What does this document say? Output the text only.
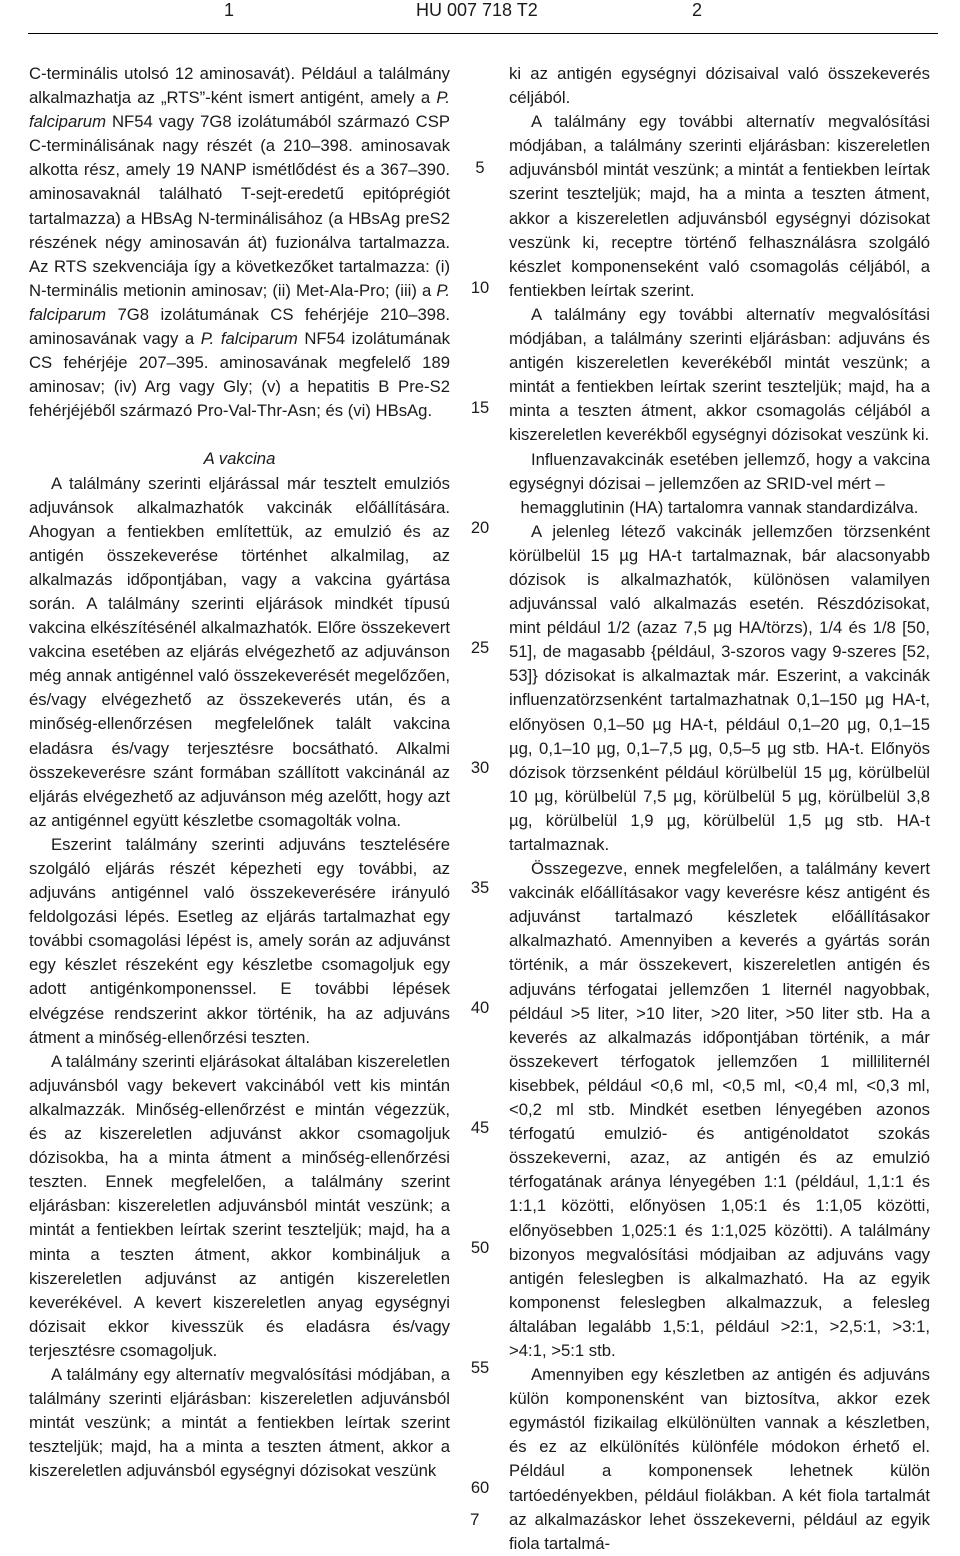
1	HU 007 718 T2	2

C-terminális utolsó 12 aminosavát). Például a találmány alkalmazhatja az „RTS”-ként ismert antigént, amely a P. falciparum NF54 vagy 7G8 izolátumából származó CSP C-terminálisának nagy részét (a 210–398. aminosavak alkotta rész, amely 19 NANP ismétlődést és a 367–390. aminosavaknál található T-sejt-eredetű epitóprégiót tartalmazza) a HBsAg N-terminálisához (a HBsAg preS2 részének négy aminosaván át) fuzionálva tartalmazza. Az RTS szekvenciája így a következőket tartalmazza: (i) N-terminális metionin aminosav; (ii) Met-Ala-Pro; (iii) a P. falciparum 7G8 izolátumának CS fehérjéje 210–398. aminosavának vagy a P. falciparum NF54 izolátumának CS fehérjéje 207–395. aminosavának megfelelő 189 aminosav; (iv) Arg vagy Gly; (v) a hepatitis B Pre-S2 fehérjéjéből származó Pro-Val-Thr-Asn; és (vi) HBsAg.

A vakcina

A találmány szerinti eljárással már tesztelt emulziós adjuvánsok alkalmazhatók vakcinák előállítására. Ahogyan a fentiekben említettük, az emulzió és az antigén összekeverése történhet alkalmilag, az alkalmazás időpontjában, vagy a vakcina gyártása során. A találmány szerinti eljárások mindkét típusú vakcina elkészítésénél alkalmazhatók. Előre összekevert vakcina esetében az eljárás elvégezhető az adjuvánson még annak antigénnel való összekeverését megelőzően, és/vagy elvégezhető az összekeverés után, és a minőség-ellenőrzésen megfelelőnek talált vakcina eladásra és/vagy terjesztésre bocsátható. Alkalmi összekeverésre szánt formában szállított vakcinánál az eljárás elvégezhető az adjuvánson még azelőtt, hogy azt az antigénnel együtt készletbe csomagolták volna.

Eszerint találmány szerinti adjuváns tesztelésére szolgáló eljárás részét képezheti egy további, az adjuváns antigénnel való összekeverésére irányuló feldolgozási lépés. Esetleg az eljárás tartalmazhat egy további csomagolási lépést is, amely során az adjuvánst egy készlet részeként egy készletbe csomagoljuk egy adott antigénkomponenssel. E további lépések elvégzése rendszerint akkor történik, ha az adjuváns átment a minőség-ellenőrzési teszten.

A találmány szerinti eljárásokat általában kiszereletlen adjuvánsból vagy bekevert vakcinából vett kis mintán alkalmazzák. Minőség-ellenőrzést e mintán végezzük, és az kiszereletlen adjuvánst akkor csomagoljuk dózisokba, ha a minta átment a minőség-ellenőrzési teszten. Ennek megfelelően, a találmány szerint eljárásban: kiszereletlen adjuvánsból mintát veszünk; a mintát a fentiekben leírtak szerint teszteljük; majd, ha a minta a teszten átment, akkor kombináljuk a kiszereletlen adjuvánst az antigén kiszereletlen keverékével. A kevert kiszereletlen anyag egységnyi dózisait ekkor kivesszük és eladásra és/vagy terjesztésre csomagoljuk.

A találmány egy alternatív megvalósítási módjában, a találmány szerinti eljárásban: kiszereletlen adjuvánsból mintát veszünk; a mintát a fentiekben leírtak szerint teszteljük; majd, ha a minta a teszten átment, akkor a kiszereletlen adjuvánsból egységnyi dózisokat veszünk

5
10
15
20
25
30
35
40
45
50
55
60

ki az antigén egységnyi dózisaival való összekeverés céljából.

A találmány egy további alternatív megvalósítási módjában, a találmány szerinti eljárásban: kiszereletlen adjuvánsból mintát veszünk; a mintát a fentiekben leírtak szerint teszteljük; majd, ha a minta a teszten átment, akkor a kiszereletlen adjuvánsból egységnyi dózisokat veszünk ki, receptre történő felhasználásra szolgáló készlet komponenseként való csomagolás céljából, a fentiekben leírtak szerint.

A találmány egy további alternatív megvalósítási módjában, a találmány szerinti eljárásban: adjuváns és antigén kiszereletlen keverékéből mintát veszünk; a mintát a fentiekben leírtak szerint teszteljük; majd, ha a minta a teszten átment, akkor csomagolás céljából a kiszereletlen keverékből egységnyi dózisokat veszünk ki.

Influenzavakcinák esetében jellemző, hogy a vakcina egységnyi dózisai – jellemzően az SRID-vel mért –

hemagglutinin (HA) tartalomra vannak standardizálva.

A jelenleg létező vakcinák jellemzően törzsenként körülbelül 15 µg HA-t tartalmaznak, bár alacsonyabb dózisok is alkalmazhatók, különösen valamilyen adjuvánssal való alkalmazás esetén. Részdózisokat, mint például 1/2 (azaz 7,5 µg HA/törzs), 1/4 és 1/8 [50, 51], de magasabb {például, 3-szoros vagy 9-szeres [52, 53]} dózisokat is alkalmaztak már. Eszerint, a vakcinák influenzatörzsenként tartalmazhatnak 0,1–150 µg HA-t, előnyösen 0,1–50 µg HA-t, például 0,1–20 µg, 0,1–15 µg, 0,1–10 µg, 0,1–7,5 µg, 0,5–5 µg stb. HA-t. Előnyös dózisok törzsenként például körülbelül 15 µg, körülbelül 10 µg, körülbelül 7,5 µg, körülbelül 5 µg, körülbelül 3,8 µg, körülbelül 1,9 µg, körülbelül 1,5 µg stb. HA-t tartalmaznak.

Összegezve, ennek megfelelően, a találmány kevert vakcinák előállításakor vagy keverésre kész antigént és adjuvánst tartalmazó készletek előállításakor alkalmazható. Amennyiben a keverés a gyártás során történik, a már összekevert, kiszereletlen antigén és adjuváns térfogatai jellemzően 1 liternél nagyobbak, például >5 liter, >10 liter, >20 liter, >50 liter stb. Ha a keverés az alkalmazás időpontjában történik, a már összekevert térfogatok jellemzően 1 milliliternél kisebbek, például <0,6 ml, <0,5 ml, <0,4 ml, <0,3 ml, <0,2 ml stb. Mindkét esetben lényegében azonos térfogatú emulzió- és antigénoldatot szokás összekeverni, azaz, az antigén és az emulzió térfogatának aránya lényegében 1:1 (például, 1,1:1 és 1:1,1 közötti, előnyösen 1,05:1 és 1:1,05 közötti, előnyösebben 1,025:1 és 1:1,025 közötti). A találmány bizonyos megvalósítási módjaiban az adjuváns vagy antigén feleslegben is alkalmazható. Ha az egyik komponenst feleslegben alkalmazzuk, a felesleg általában legalább 1,5:1, például >2:1, >2,5:1, >3:1, >4:1, >5:1 stb.

Amennyiben egy készletben az antigén és adjuváns külön komponensként van biztosítva, akkor ezek egymástól fizikailag elkülönülten vannak a készletben, és ez az elkülönítés különféle módokon érhető el. Például a komponensek lehetnek külön tartóedényekben, például fiolákban. A két fiola tartalmát az alkalmazáskor lehet összekeverni, például az egyik fiola tartalmá-

7
